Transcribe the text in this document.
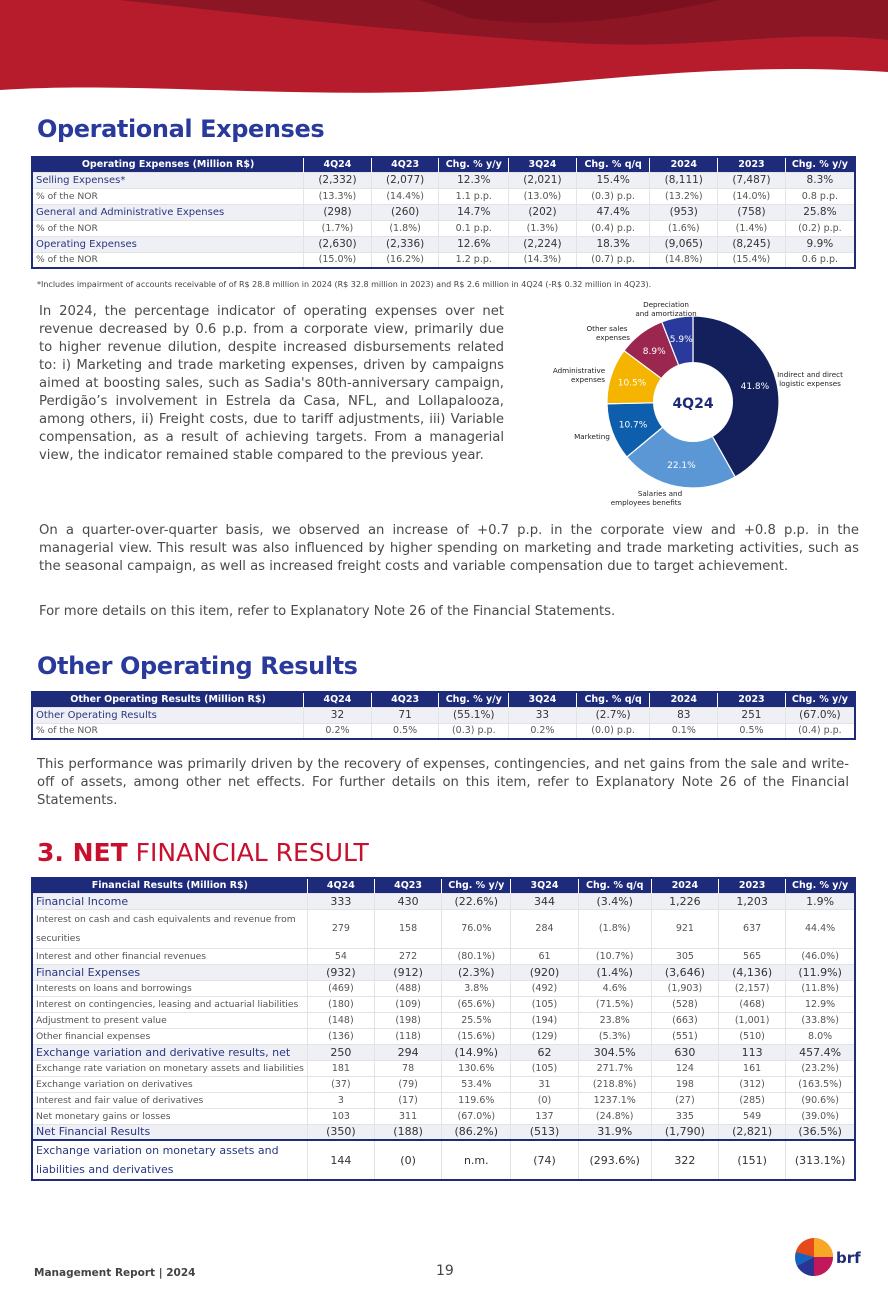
Operational Expenses
Operating Expenses (Million R$)	4Q24	4Q23	Chg. % y/y	3Q24	Chg. % q/q	2024	2023	Chg. % y/y
Selling Expenses*	(2,332)	(2,077)	12.3%	(2,021)	15.4%	(8,111)	(7,487)	8.3%
% of the NOR	(13.3%)	(14.4%)	1.1 p.p.	(13.0%)	(0.3) p.p.	(13.2%)	(14.0%)	0.8 p.p.
General and Administrative Expenses	(298)	(260)	14.7%	(202)	47.4%	(953)	(758)	25.8%
% of the NOR	(1.7%)	(1.8%)	0.1 p.p.	(1.3%)	(0.4) p.p.	(1.6%)	(1.4%)	(0.2) p.p.
Operating Expenses	(2,630)	(2,336)	12.6%	(2,224)	18.3%	(9,065)	(8,245)	9.9%
% of the NOR	(15.0%)	(16.2%)	1.2 p.p.	(14.3%)	(0.7) p.p.	(14.8%)	(15.4%)	0.6 p.p.
*Includes impairment of accounts receivable of of R$ 28.8 million in 2024 (R$ 32.8 million in 2023) and R$ 2.6 million in 4Q24 (-R$ 0.32 million in 4Q23).
In 2024, the percentage indicator of operating expenses over net revenue decreased by 0.6 p.p. from a corporate view, primarily due to higher revenue dilution, despite increased disbursements related to: i) Marketing and trade marketing expenses, driven by campaigns aimed at boosting sales, such as Sadia's 80th-anniversary campaign, Perdigão’s involvement in Estrela da Casa, NFL, and Lollapalooza, among others, ii) Freight costs, due to tariff adjustments, iii) Variable compensation, as a result of achieving targets. From a managerial view, the indicator remained stable compared to the previous year.
4Q24
41.8%
22.1%
10.7%
10.5%
8.9%
5.9%
Depreciation
and amortization
Other sales
expenses
Administrative
expenses
Marketing
Salaries and
employees benefits
Indirect and direct
logistic expenses
On a quarter-over-quarter basis, we observed an increase of +0.7 p.p. in the corporate view and +0.8 p.p. in the managerial view. This result was also influenced by higher spending on marketing and trade marketing activities, such as the seasonal campaign, as well as increased freight costs and variable compensation due to target achievement.
For more details on this item, refer to Explanatory Note 26 of the Financial Statements.
Other Operating Results
Other Operating Results (Million R$)	4Q24	4Q23	Chg. % y/y	3Q24	Chg. % q/q	2024	2023	Chg. % y/y
Other Operating Results	32	71	(55.1%)	33	(2.7%)	83	251	(67.0%)
% of the NOR	0.2%	0.5%	(0.3) p.p.	0.2%	(0.0) p.p.	0.1%	0.5%	(0.4) p.p.
This performance was primarily driven by the recovery of expenses, contingencies, and net gains from the sale and write-off of assets, among other net effects. For further details on this item, refer to Explanatory Note 26 of the Financial Statements.
3. NET FINANCIAL RESULT
Financial Results (Million R$)	4Q24	4Q23	Chg. % y/y	3Q24	Chg. % q/q	2024	2023	Chg. % y/y
Financial Income	333	430	(22.6%)	344	(3.4%)	1,226	1,203	1.9%
Interest on cash and cash equivalents and revenue from securities	279	158	76.0%	284	(1.8%)	921	637	44.4%
Interest and other financial revenues	54	272	(80.1%)	61	(10.7%)	305	565	(46.0%)
Financial Expenses	(932)	(912)	(2.3%)	(920)	(1.4%)	(3,646)	(4,136)	(11.9%)
Interests on loans and borrowings	(469)	(488)	3.8%	(492)	4.6%	(1,903)	(2,157)	(11.8%)
Interest on contingencies, leasing and actuarial liabilities	(180)	(109)	(65.6%)	(105)	(71.5%)	(528)	(468)	12.9%
Adjustment to present value	(148)	(198)	25.5%	(194)	23.8%	(663)	(1,001)	(33.8%)
Other financial expenses	(136)	(118)	(15.6%)	(129)	(5.3%)	(551)	(510)	8.0%
Exchange variation and derivative results, net	250	294	(14.9%)	62	304.5%	630	113	457.4%
Exchange rate variation on monetary assets and liabilities	181	78	130.6%	(105)	271.7%	124	161	(23.2%)
Exchange variation on derivatives	(37)	(79)	53.4%	31	(218.8%)	198	(312)	(163.5%)
Interest and fair value of derivatives	3	(17)	119.6%	(0)	1237.1%	(27)	(285)	(90.6%)
Net monetary gains or losses	103	311	(67.0%)	137	(24.8%)	335	549	(39.0%)
Net Financial Results	(350)	(188)	(86.2%)	(513)	31.9%	(1,790)	(2,821)	(36.5%)
Exchange variation on monetary assets and liabilities and derivatives	144	(0)	n.m.	(74)	(293.6%)	322	(151)	(313.1%)
Management Report | 2024	19
brf
